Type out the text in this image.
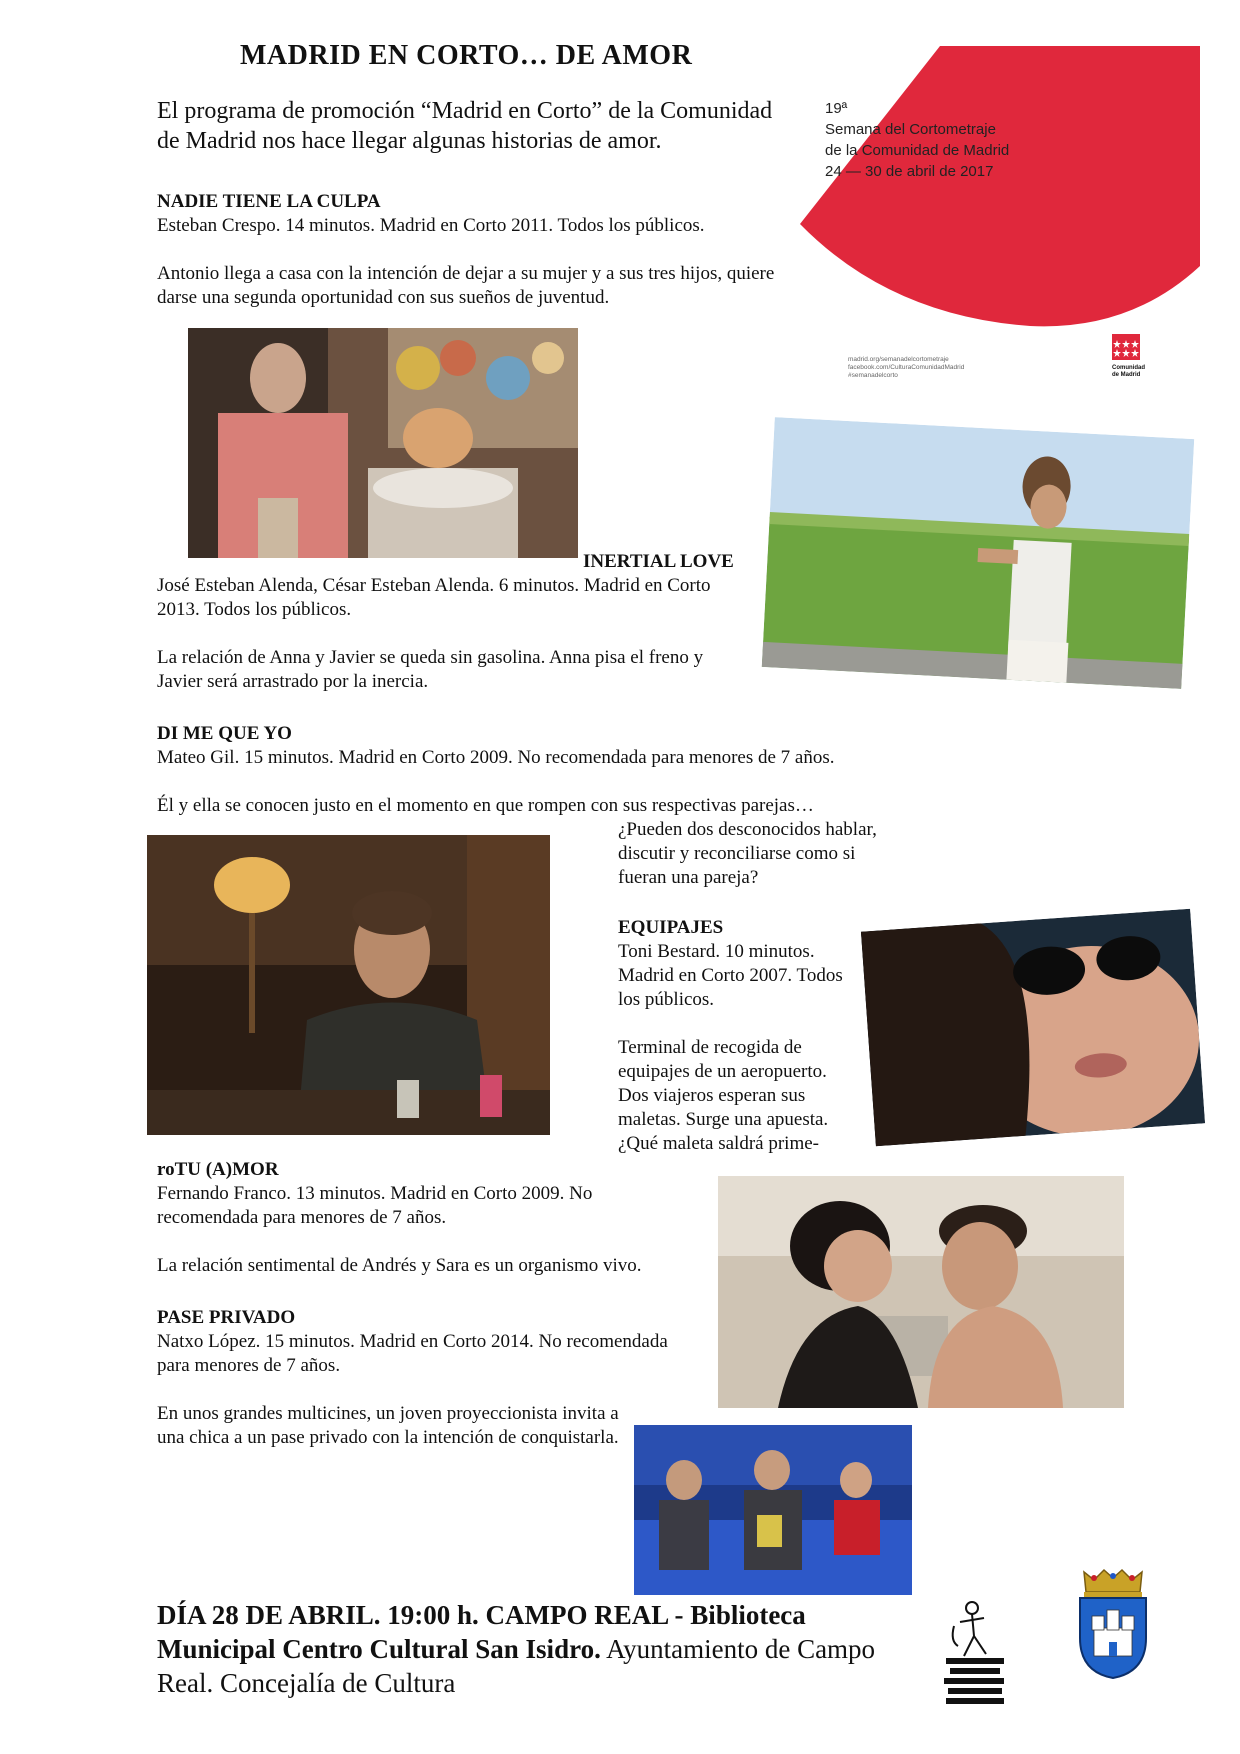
MADRID EN CORTO… DE AMOR
El programa de promoción “Madrid en Corto” de la Comunidad de Madrid nos hace llegar algunas historias de amor.
19ª
Semana del Cortometraje
de la Comunidad de Madrid
24 — 30 de abril de 2017
madrid.org/semanadelcortometraje
facebook.com/CulturaComunidadMadrid
#semanadelcorto
Comunidad de Madrid
NADIE TIENE LA CULPA
Esteban Crespo. 14 minutos. Madrid en Corto 2011. Todos los públicos.
Antonio llega a casa con la intención de dejar a su mujer y a sus tres hijos, quiere darse una segunda oportunidad con sus sueños de juventud.
INERTIAL LOVE
José Esteban Alenda, César Esteban Alenda. 6 minutos. Madrid en Corto 2013. Todos los públicos.
La relación de Anna y Javier se queda sin gasolina. Anna pisa el freno y Javier será arrastrado por la inercia.
DI ME QUE YO
Mateo Gil. 15 minutos. Madrid en Corto 2009. No recomendada para menores de 7 años.
Él y ella se conocen justo en el momento en que rompen con sus respectivas parejas…
¿Pueden dos desconocidos hablar, discutir y reconciliarse como si fueran una pareja?
EQUIPAJES
Toni Bestard. 10 minutos. Madrid en Corto 2007. Todos los públicos.
Terminal de recogida de equipajes de un aeropuerto. Dos viajeros esperan sus maletas. Surge una apuesta. ¿Qué maleta saldrá prime-
roTU (A)MOR
Fernando Franco. 13 minutos. Madrid en Corto 2009. No recomendada para menores de 7 años.
La relación sentimental de Andrés y Sara es un organismo vivo.
PASE PRIVADO
Natxo López. 15 minutos. Madrid en Corto 2014. No recomendada para menores de 7 años.
En unos grandes multicines, un joven proyeccionista invita a una chica a un pase privado con la intención de conquistarla.
DÍA 28 DE ABRIL. 19:00 h. CAMPO REAL - Biblioteca Municipal Centro Cultural San Isidro. Ayuntamiento de Campo Real. Concejalía de Cultura
